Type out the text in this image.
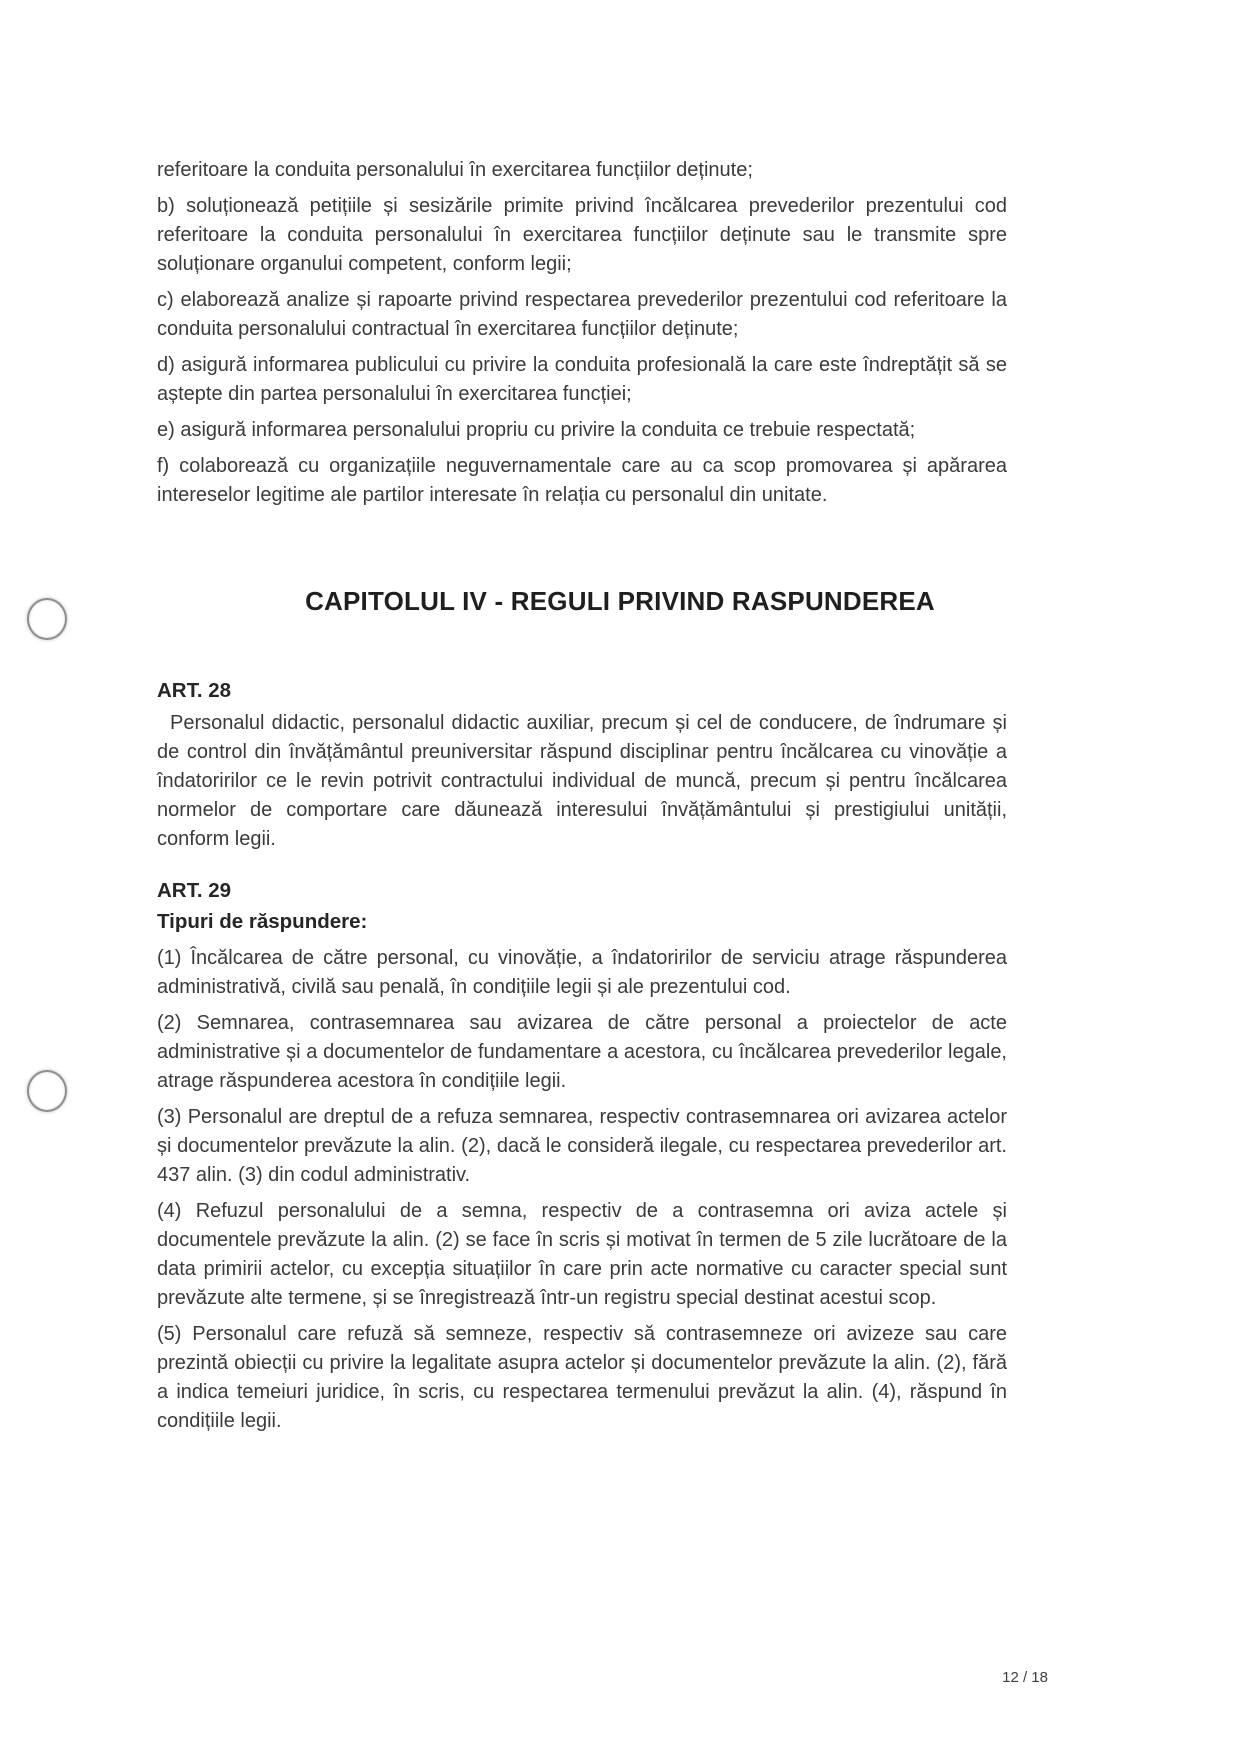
referitoare la conduita personalului în exercitarea funcțiilor deținute;

b) soluționează petițiile și sesizările primite privind încălcarea prevederilor prezentului cod referitoare la conduita personalului în exercitarea funcțiilor deținute sau le transmite spre soluționare organului competent, conform legii;

c) elaborează analize și rapoarte privind respectarea prevederilor prezentului cod referitoare la conduita personalului contractual în exercitarea funcțiilor deținute;

d) asigură informarea publicului cu privire la conduita profesională la care este îndreptățit să se aștepte din partea personalului în exercitarea funcției;

e) asigură informarea personalului propriu cu privire la conduita ce trebuie respectată;

f) colaborează cu organizațiile neguvernamentale care au ca scop promovarea și apărarea intereselor legitime ale partilor interesate în relația cu personalul din unitate.

CAPITOLUL IV - REGULI PRIVIND RASPUNDEREA
ART. 28

Personalul didactic, personalul didactic auxiliar, precum și cel de conducere, de îndrumare și de control din învățământul preuniversitar răspund disciplinar pentru încălcarea cu vinovăție a îndatoririlor ce le revin potrivit contractului individual de muncă, precum și pentru încălcarea normelor de comportare care dăunează interesului învățământului și prestigiului unității, conform legii.

ART. 29
Tipuri de răspundere:

(1) Încălcarea de către personal, cu vinovăție, a îndatoririlor de serviciu atrage răspunderea administrativă, civilă sau penală, în condițiile legii și ale prezentului cod.

(2) Semnarea, contrasemnarea sau avizarea de către personal a proiectelor de acte administrative și a documentelor de fundamentare a acestora, cu încălcarea prevederilor legale, atrage răspunderea acestora în condițiile legii.

(3) Personalul are dreptul de a refuza semnarea, respectiv contrasemnarea ori avizarea actelor și documentelor prevăzute la alin. (2), dacă le consideră ilegale, cu respectarea prevederilor art. 437 alin. (3) din codul administrativ.

(4) Refuzul personalului de a semna, respectiv de a contrasemna ori aviza actele și documentele prevăzute la alin. (2) se face în scris și motivat în termen de 5 zile lucrătoare de la data primirii actelor, cu excepția situațiilor în care prin acte normative cu caracter special sunt prevăzute alte termene, și se înregistrează într-un registru special destinat acestui scop.

(5) Personalul care refuză să semneze, respectiv să contrasemneze ori avizeze sau care prezintă obiecții cu privire la legalitate asupra actelor și documentelor prevăzute la alin. (2), fără a indica temeiuri juridice, în scris, cu respectarea termenului prevăzut la alin. (4), răspund în condițiile legii.

12 / 18
